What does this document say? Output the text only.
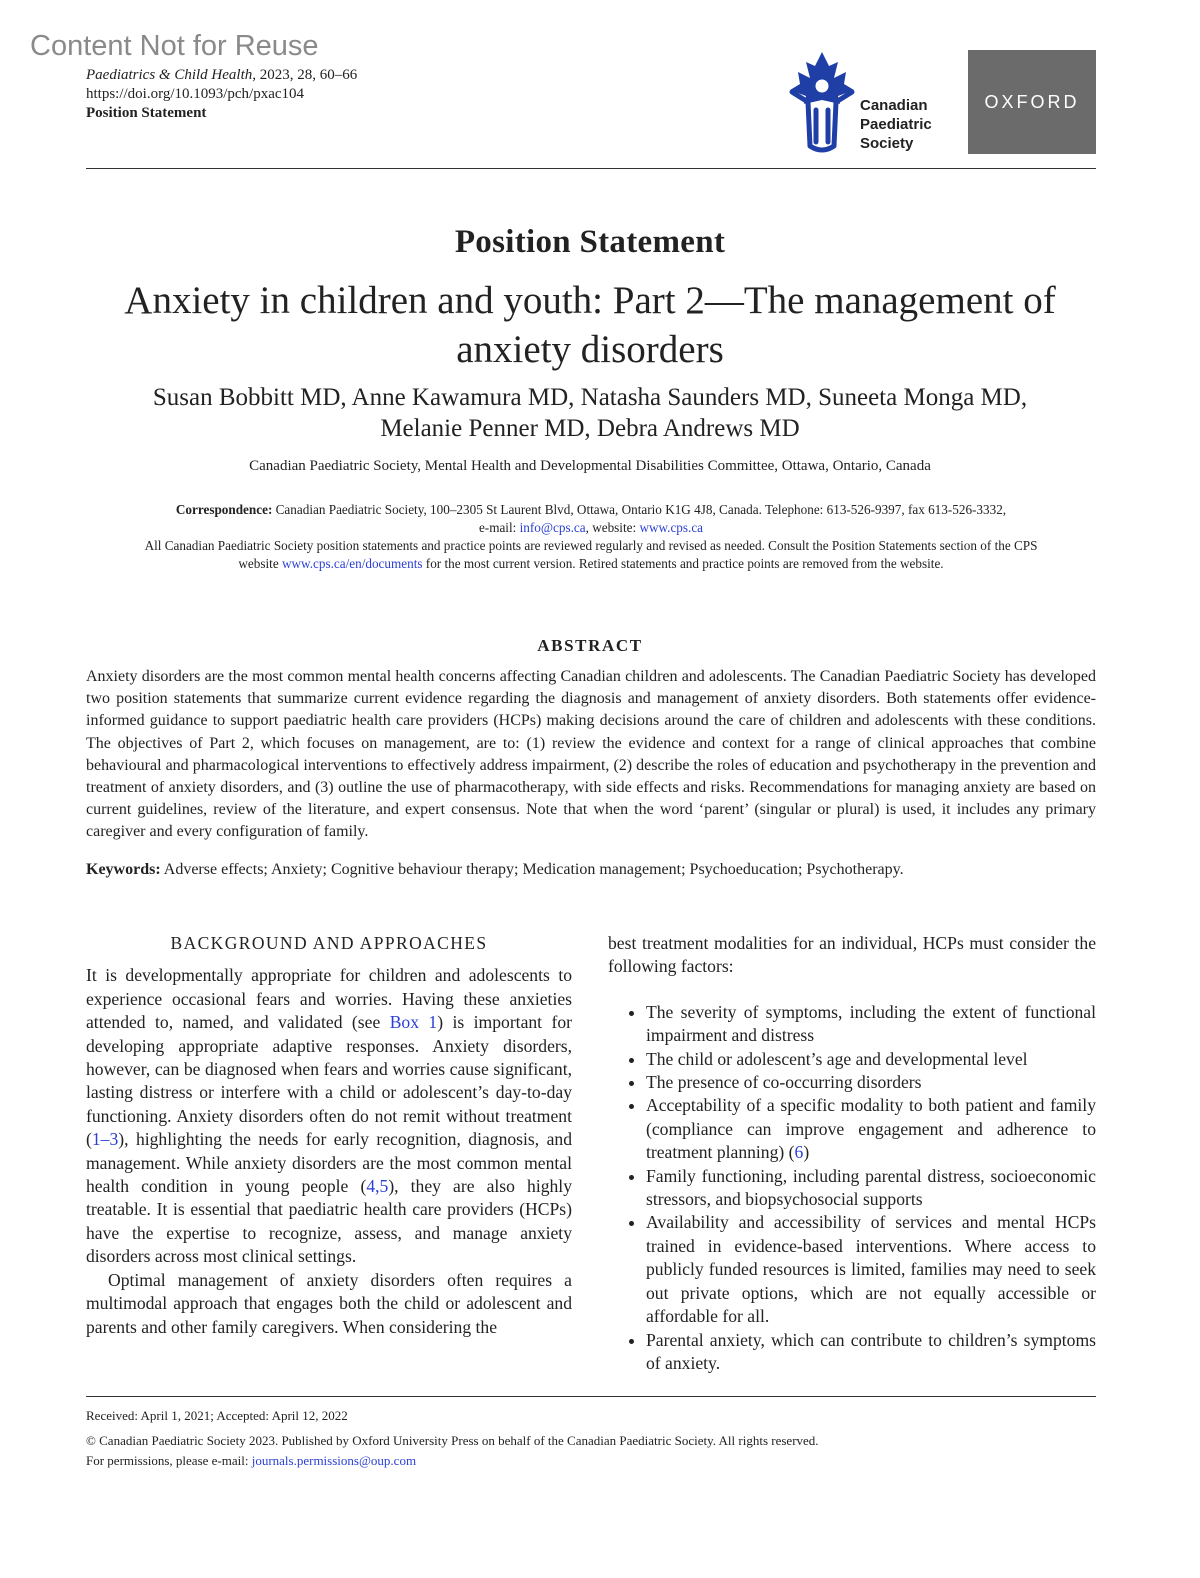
Content Not for Reuse
Paediatrics & Child Health, 2023, 28, 60–66
https://doi.org/10.1093/pch/pxac104
Position Statement	Canadian
Paediatric
Society
OXFORD
Position Statement
Anxiety in children and youth: Part 2—The management of
anxiety disorders
Susan Bobbitt MD, Anne Kawamura MD, Natasha Saunders MD, Suneeta Monga MD,
Melanie Penner MD, Debra Andrews MD
Canadian Paediatric Society, Mental Health and Developmental Disabilities Committee, Ottawa, Ontario, Canada
Correspondence: Canadian Paediatric Society, 100–2305 St Laurent Blvd, Ottawa, Ontario K1G 4J8, Canada. Telephone: 613-526-9397, fax 613-526-3332,
e-mail: info@cps.ca, website: www.cps.ca
All Canadian Paediatric Society position statements and practice points are reviewed regularly and revised as needed. Consult the Position Statements section of the CPS
website www.cps.ca/en/documents for the most current version. Retired statements and practice points are removed from the website.
ABSTRACT
Anxiety disorders are the most common mental health concerns affecting Canadian children and adolescents. The Canadian Paediatric Society has developed two position statements that summarize current evidence regarding the diagnosis and management of anxiety disorders. Both statements offer evidence-informed guidance to support paediatric health care providers (HCPs) making decisions around the care of children and adolescents with these conditions. The objectives of Part 2, which focuses on management, are to: (1) review the evidence and context for a range of clinical approaches that combine behavioural and pharmacological interventions to effectively address impairment, (2) describe the roles of education and psychotherapy in the prevention and treatment of anxiety disorders, and (3) outline the use of pharmacotherapy, with side effects and risks. Recommendations for managing anxiety are based on current guidelines, review of the literature, and expert consensus. Note that when the word ‘parent’ (singular or plural) is used, it includes any primary caregiver and every configuration of family.
Keywords: Adverse effects; Anxiety; Cognitive behaviour therapy; Medication management; Psychoeducation; Psychotherapy.
BACKGROUND AND APPROACHES

It is developmentally appropriate for children and adolescents to experience occasional fears and worries. Having these anxieties attended to, named, and validated (see Box 1) is important for developing appropriate adaptive responses. Anxiety disorders, however, can be diagnosed when fears and worries cause significant, lasting distress or interfere with a child or adolescent’s day-to-day functioning. Anxiety disorders often do not remit without treatment (1–3), highlighting the needs for early recognition, diagnosis, and management. While anxiety disorders are the most common mental health condition in young people (4,5), they are also highly treatable. It is essential that paediatric health care providers (HCPs) have the expertise to recognize, assess, and manage anxiety disorders across most clinical settings.

Optimal management of anxiety disorders often requires a multimodal approach that engages both the child or adolescent and parents and other family caregivers. When considering the

best treatment modalities for an individual, HCPs must consider the following factors:

• The severity of symptoms, including the extent of functional impairment and distress
• The child or adolescent’s age and developmental level
• The presence of co-occurring disorders
• Acceptability of a specific modality to both patient and family (compliance can improve engagement and adherence to treatment planning) (6)
• Family functioning, including parental distress, socioeconomic stressors, and biopsychosocial supports
• Availability and accessibility of services and mental HCPs trained in evidence-based interventions. Where access to publicly funded resources is limited, families may need to seek out private options, which are not equally accessible or affordable for all.
• Parental anxiety, which can contribute to children’s symptoms of anxiety.
Received: April 1, 2021; Accepted: April 12, 2022
© Canadian Paediatric Society 2023. Published by Oxford University Press on behalf of the Canadian Paediatric Society. All rights reserved.
For permissions, please e-mail: journals.permissions@oup.com
